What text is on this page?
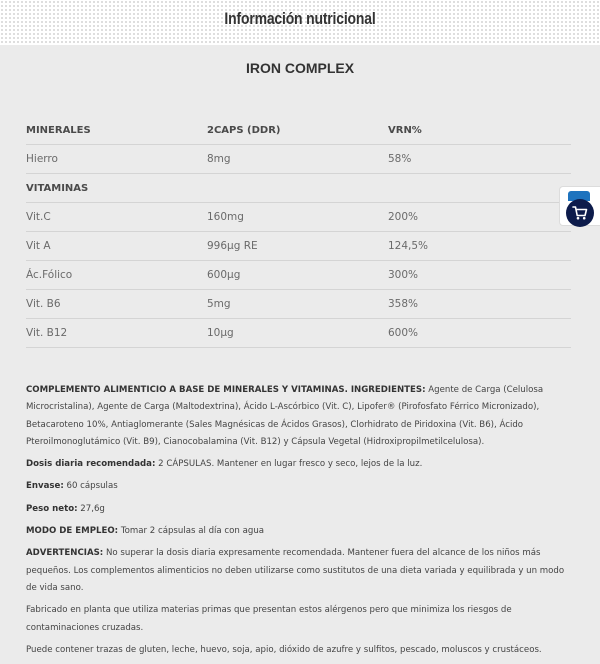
Información nutricional
IRON COMPLEX
MINERALES	2CAPS (DDR)	VRN%
Hierro	8mg	58%
VITAMINAS		
Vit.C	160mg	200%
Vit A	996µg RE	124,5%
Ác.Fólico	600µg	300%
Vit. B6	5mg	358%
Vit. B12	10µg	600%

COMPLEMENTO ALIMENTICIO A BASE DE MINERALES Y VITAMINAS. INGREDIENTES: Agente de Carga (Celulosa Microcristalina), Agente de Carga (Maltodextrina), Ácido L-Ascórbico (Vit. C), Lipofer® (Pirofosfato Férrico Micronizado), Betacaroteno 10%, Antiaglomerante (Sales Magnésicas de Ácidos Grasos), Clorhidrato de Piridoxina (Vit. B6), Ácido Pteroilmonoglutámico (Vit. B9), Cianocobalamina (Vit. B12) y Cápsula Vegetal (Hidroxipropilmetilcelulosa).

Dosis diaria recomendada: 2 CÁPSULAS. Mantener en lugar fresco y seco, lejos de la luz.

Envase: 60 cápsulas

Peso neto: 27,6g

MODO DE EMPLEO: Tomar 2 cápsulas al día con agua

ADVERTENCIAS: No superar la dosis diaria expresamente recomendada. Mantener fuera del alcance de los niños más pequeños. Los complementos alimenticios no deben utilizarse como sustitutos de una dieta variada y equilibrada y un modo de vida sano.

Fabricado en planta que utiliza materias primas que presentan estos alérgenos pero que minimiza los riesgos de contaminaciones cruzadas.

Puede contener trazas de gluten, leche, huevo, soja, apio, dióxido de azufre y sulfitos, pescado, moluscos y crustáceos.
